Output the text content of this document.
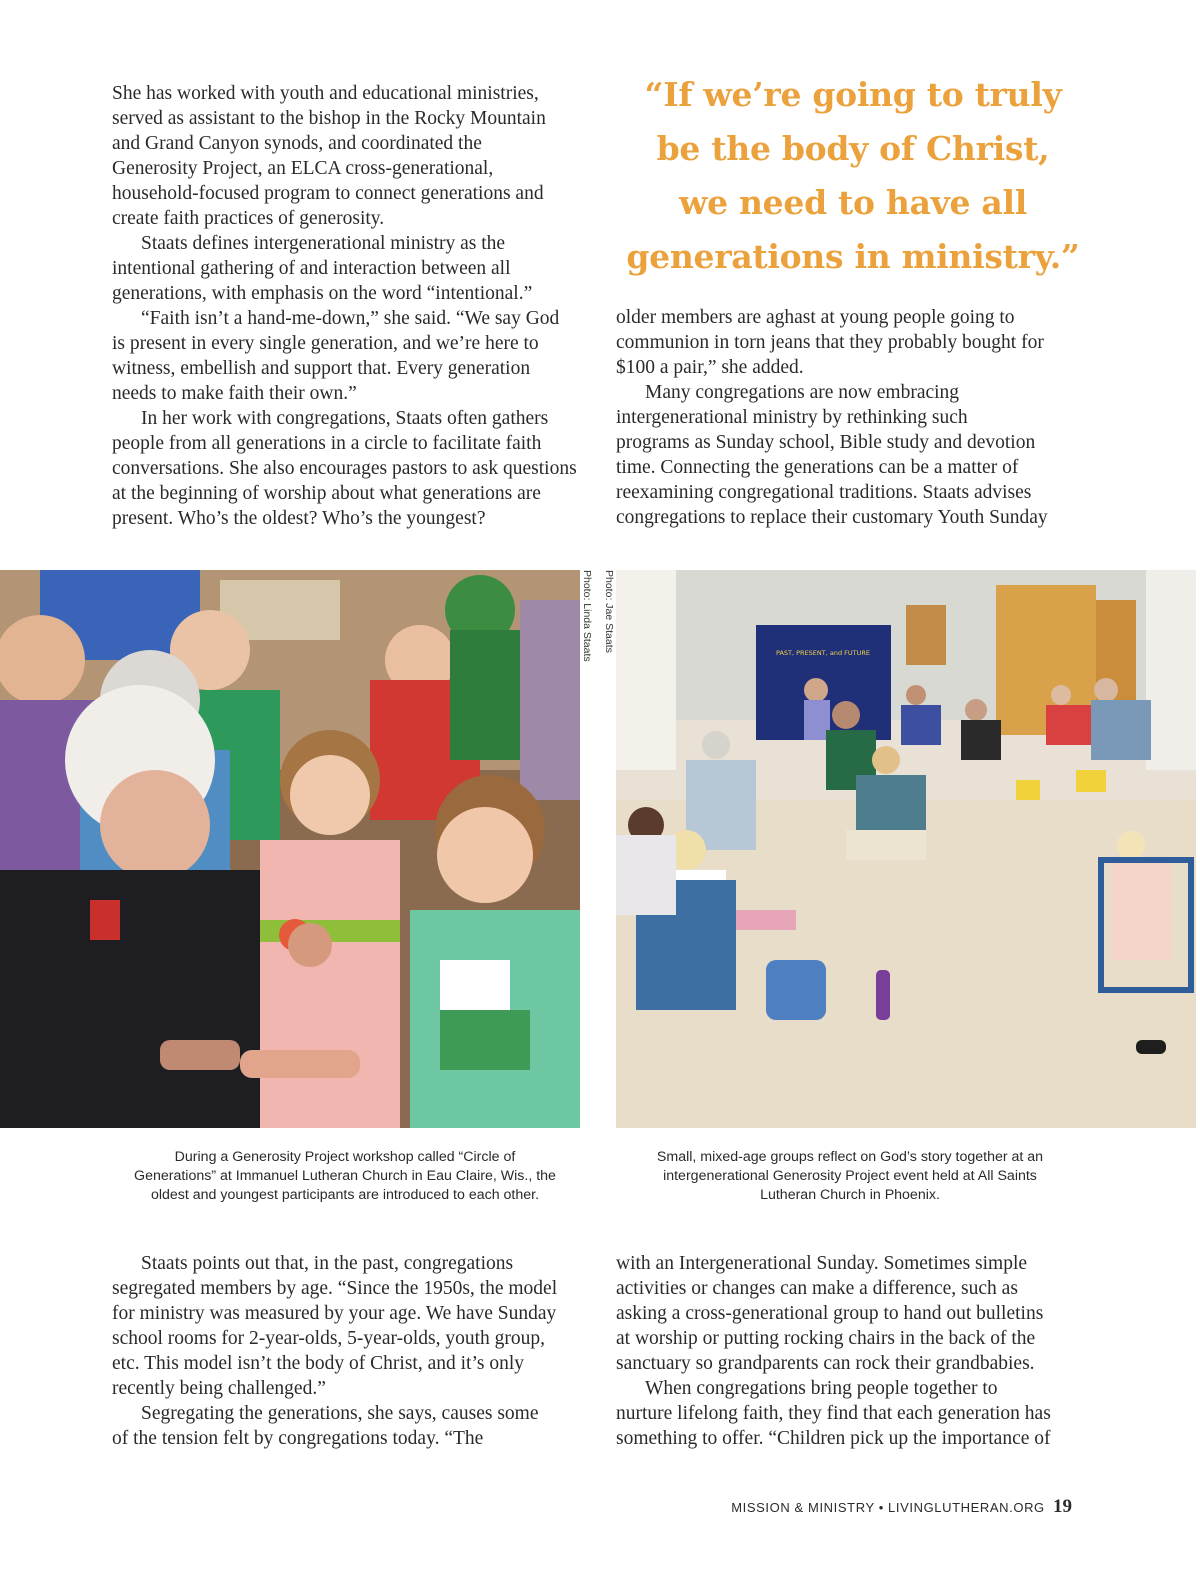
She has worked with youth and educational ministries,
served as assistant to the bishop in the Rocky Mountain
and Grand Canyon synods, and coordinated the
Generosity Project, an ELCA cross-generational,
household-focused program to connect generations and
create faith practices of generosity.

Staats defines intergenerational ministry as the
intentional gathering of and interaction between all
generations, with emphasis on the word “intentional.”

“Faith isn’t a hand-me-down,” she said. “We say God
is present in every single generation, and we’re here to
witness, embellish and support that. Every generation
needs to make faith their own.”

In her work with congregations, Staats often gathers
people from all generations in a circle to facilitate faith
conversations. She also encourages pastors to ask questions
at the beginning of worship about what generations are
present. Who’s the oldest? Who’s the youngest?

“If we’re going to truly
be the body of Christ,
we need to have all
generations in ministry.”

older members are aghast at young people going to
communion in torn jeans that they probably bought for
$100 a pair,” she added.

Many congregations are now embracing
intergenerational ministry by rethinking such
programs as Sunday school, Bible study and devotion
time. Connecting the generations can be a matter of
reexamining congregational traditions. Staats advises
congregations to replace their customary Youth Sunday

Photo: Linda Staats	PAST, PRESENT, and FUTURE
Photo: Jae Staats
During a Generosity Project workshop called “Circle of
Generations” at Immanuel Lutheran Church in Eau Claire, Wis., the
oldest and youngest participants are introduced to each other.
Small, mixed-age groups reflect on God’s story together at an
intergenerational Generosity Project event held at All Saints
Lutheran Church in Phoenix.

Staats points out that, in the past, congregations
segregated members by age. “Since the 1950s, the model
for ministry was measured by your age. We have Sunday
school rooms for 2-year-olds, 5-year-olds, youth group,
etc. This model isn’t the body of Christ, and it’s only
recently being challenged.”

Segregating the generations, she says, causes some
of the tension felt by congregations today. “The

with an Intergenerational Sunday. Sometimes simple
activities or changes can make a difference, such as
asking a cross-generational group to hand out bulletins
at worship or putting rocking chairs in the back of the
sanctuary so grandparents can rock their grandbabies.

When congregations bring people together to
nurture lifelong faith, they find that each generation has
something to offer. “Children pick up the importance of

MISSION & MINISTRY • LIVINGLUTHERAN.ORG 19
